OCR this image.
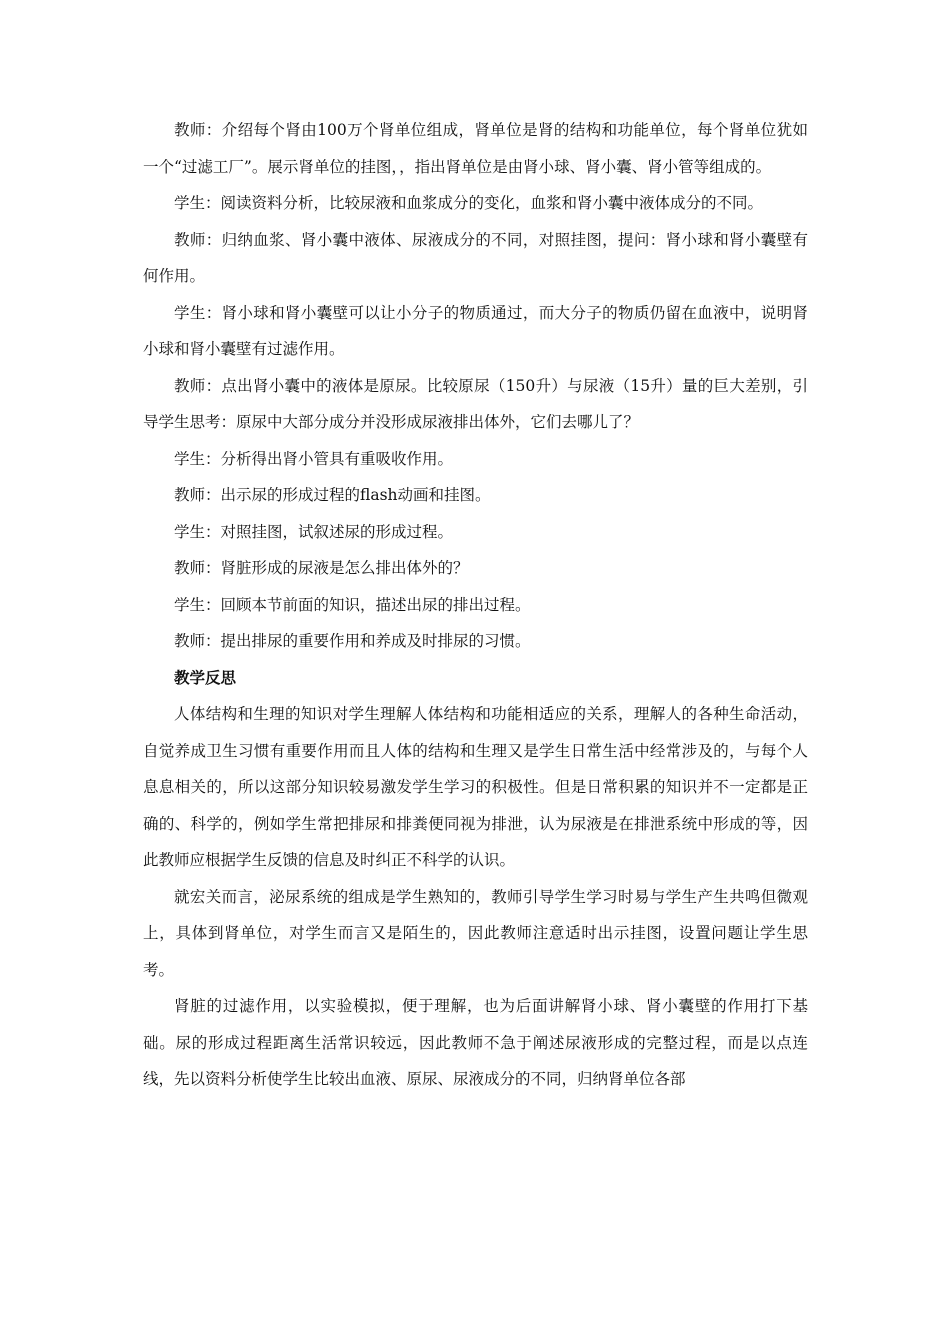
教师：介绍每个肾由100万个肾单位组成，肾单位是肾的结构和功能单位，每个肾单位犹如一个“过滤工厂”。展示肾单位的挂图，，指出肾单位是由肾小球、肾小囊、肾小管等组成的。

学生：阅读资料分析，比较尿液和血浆成分的变化，血浆和肾小囊中液体成分的不同。

教师：归纳血浆、肾小囊中液体、尿液成分的不同，对照挂图，提问：肾小球和肾小囊壁有何作用。

学生：肾小球和肾小囊壁可以让小分子的物质通过，而大分子的物质仍留在血液中，说明肾小球和肾小囊壁有过滤作用。

教师：点出肾小囊中的液体是原尿。比较原尿（150升）与尿液（15升）量的巨大差别，引导学生思考：原尿中大部分成分并没形成尿液排出体外，它们去哪儿了？

学生：分析得出肾小管具有重吸收作用。

教师：出示尿的形成过程的flash动画和挂图。

学生：对照挂图，试叙述尿的形成过程。

教师：肾脏形成的尿液是怎么排出体外的？

学生：回顾本节前面的知识，描述出尿的排出过程。

教师：提出排尿的重要作用和养成及时排尿的习惯。

教学反思

人体结构和生理的知识对学生理解人体结构和功能相适应的关系，理解人的各种生命活动，自觉养成卫生习惯有重要作用而且人体的结构和生理又是学生日常生活中经常涉及的，与每个人息息相关的，所以这部分知识较易激发学生学习的积极性。但是日常积累的知识并不一定都是正确的、科学的，例如学生常把排尿和排粪便同视为排泄，认为尿液是在排泄系统中形成的等，因此教师应根据学生反馈的信息及时纠正不科学的认识。

就宏关而言，泌尿系统的组成是学生熟知的，教师引导学生学习时易与学生产生共鸣但微观上，具体到肾单位，对学生而言又是陌生的，因此教师注意适时出示挂图，设置问题让学生思考。

肾脏的过滤作用，以实验模拟，便于理解，也为后面讲解肾小球、肾小囊壁的作用打下基础。尿的形成过程距离生活常识较远，因此教师不急于阐述尿液形成的完整过程，而是以点连线，先以资料分析使学生比较出血液、原尿、尿液成分的不同，归纳肾单位各部
